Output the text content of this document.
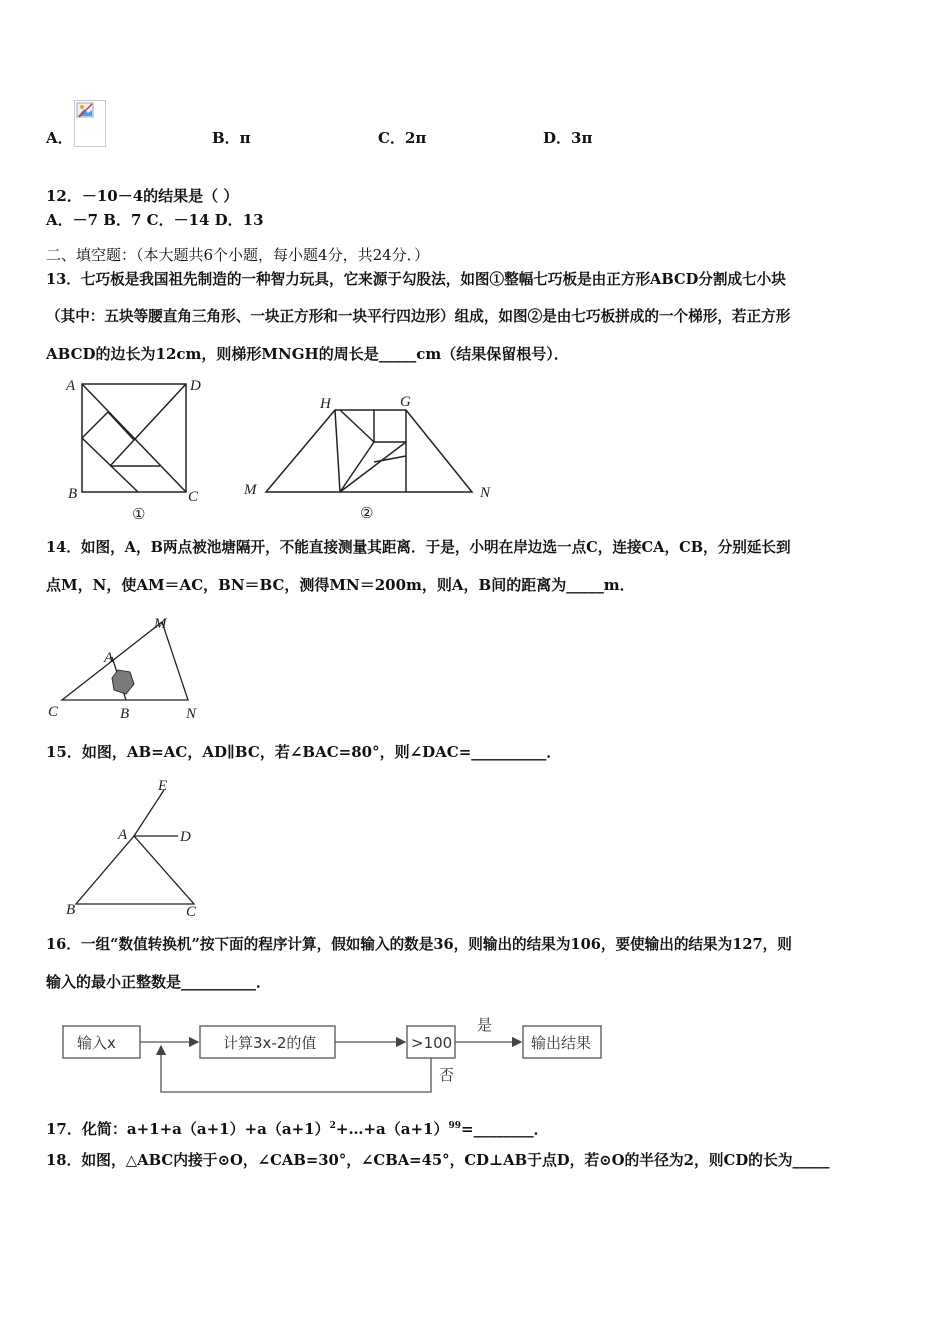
A．	B．π	C．2π	D．3π
12．－10－4的结果是（ ）
A．－7 B．7 C．－14 D．13
二、填空题：（本大题共6个小题，每小题4分，共24分．）
13．七巧板是我国祖先制造的一种智力玩具，它来源于勾股法，如图①整幅七巧板是由正方形ABCD分割成七小块
（其中：五块等腰直角三角形、一块正方形和一块平行四边形）组成，如图②是由七巧板拼成的一个梯形，若正方形
ABCD的边长为12cm，则梯形MNGH的周长是_____cm（结果保留根号）．
A	D
B	C
①
H	G
M	N
②
14．如图，A，B两点被池塘隔开，不能直接测量其距离．于是，小明在岸边选一点C，连接CA，CB，分别延长到
点M，N，使AM＝AC，BN＝BC，测得MN＝200m，则A，B间的距离为_____m．
M
A
C	B	N
15．如图，AB=AC，AD∥BC，若∠BAC=80°，则∠DAC=__________．
E
A	D
B	C
16．一组“数值转换机”按下面的程序计算，假如输入的数是36，则输出的结果为106，要使输出的结果为127，则
输入的最小正整数是__________．
输入x	计算3x-2的值	>100	输出结果
是
否
17．化简：$a+1+a(a+1)+a(a+1)^2+\dots+a(a+1)^{99}=\_\_\_\_\_\_\_\_$．
18．如图，△ABC内接于⊙O，∠CAB=30°，∠CBA=45°，CD⊥AB于点D，若⊙O的半径为2，则CD的长为_____
